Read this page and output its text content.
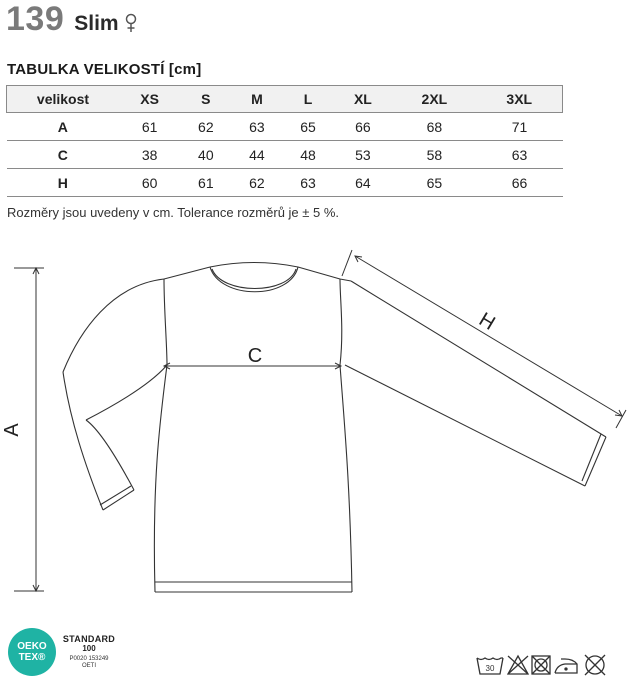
139 Slim
TABULKA VELIKOSTÍ [cm]
velikost	XS	S	M	L	XL	2XL	3XL
A	61	62	63	65	66	68	71
C	38	40	44	48	53	58	63
H	60	61	62	63	64	65	66
Rozměry jsou uvedeny v cm. Tolerance rozměrů je ± 5 %.
A
C
H
OEKO
TEX®
STANDARD
100
P0020 153249
OETI	30
